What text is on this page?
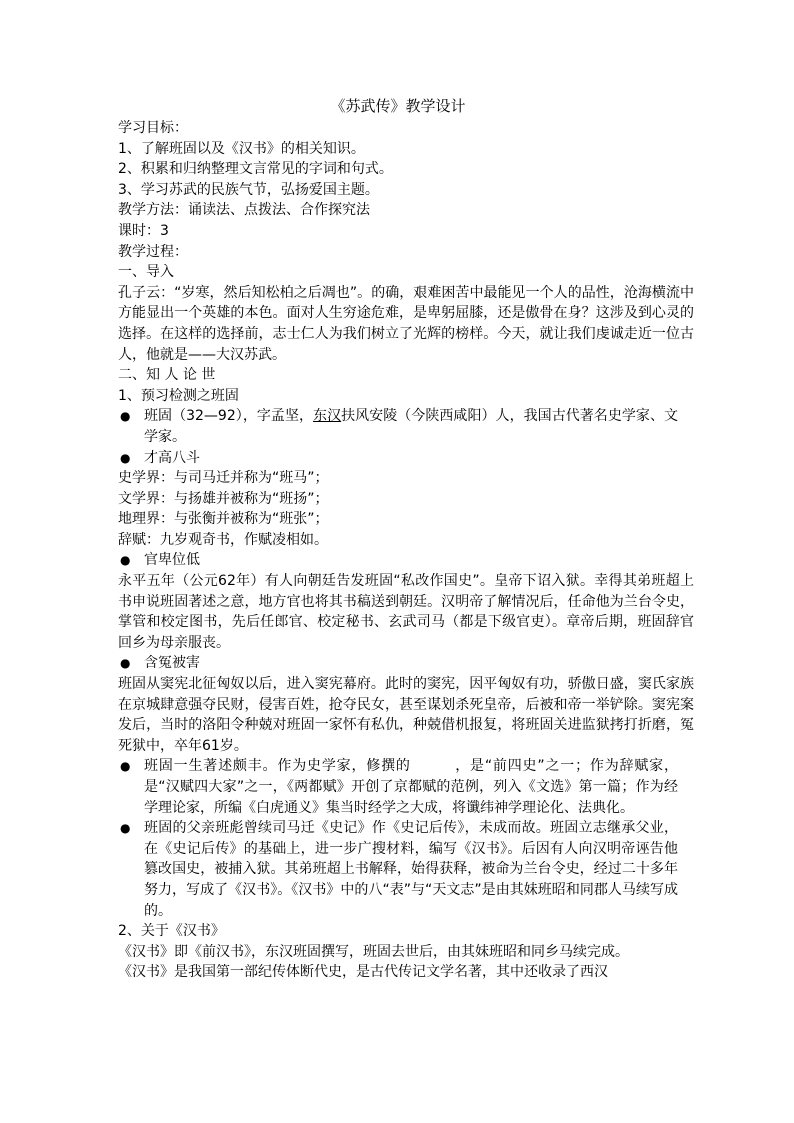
《苏武传》教学设计

学习目标：

1、了解班固以及《汉书》的相关知识。

2、积累和归纳整理文言常见的字词和句式。

3、学习苏武的民族气节，弘扬爱国主题。

教学方法：诵读法、点拨法、合作探究法

课时：3

教学过程：

一、导入

孔子云：“岁寒，然后知松柏之后凋也”。的确，艰难困苦中最能见一个人的品性，沧海横流中方能显出一个英雄的本色。面对人生穷途危难，是卑躬屈膝，还是傲骨在身？这涉及到心灵的选择。在这样的选择前，志士仁人为我们树立了光辉的榜样。今天，就让我们虔诚走近一位古人，他就是——大汉苏武。

二、知 人 论 世

1、预习检测之班固

● 班固（32—92），字孟坚，东汉扶风安陵（今陕西咸阳）人，我国古代著名史学家、文学家。

● 才高八斗

史学界：与司马迁并称为“班马”；

文学界：与扬雄并被称为“班扬”；

地理界：与张衡并被称为“班张”；

辞赋：九岁观奇书，作赋凌相如。

● 官卑位低

永平五年（公元62年）有人向朝廷告发班固“私改作国史”。皇帝下诏入狱。幸得其弟班超上书申说班固著述之意，地方官也将其书稿送到朝廷。汉明帝了解情况后，任命他为兰台令史，掌管和校定图书，先后任郎官、校定秘书、玄武司马（都是下级官吏）。章帝后期，班固辞官回乡为母亲服丧。

● 含冤被害

班固从窦宪北征匈奴以后，进入窦宪幕府。此时的窦宪，因平匈奴有功，骄傲日盛，窦氏家族在京城肆意强夺民财，侵害百姓，抢夺民女，甚至谋划杀死皇帝，后被和帝一举铲除。窦宪案发后，当时的洛阳令种兢对班固一家怀有私仇，种兢借机报复，将班固关进监狱拷打折磨，冤死狱中，卒年61岁。

● 班固一生著述颇丰。作为史学家，修撰的　　　，是“前四史”之一；作为辞赋家，是“汉赋四大家”之一，《两都赋》开创了京都赋的范例，列入《文选》第一篇；作为经学理论家，所编《白虎通义》集当时经学之大成，将谶纬神学理论化、法典化。

● 班固的父亲班彪曾续司马迁《史记》作《史记后传》，未成而故。班固立志继承父业，在《史记后传》的基础上，进一步广搜材料，编写《汉书》。后因有人向汉明帝诬告他篡改国史，被捕入狱。其弟班超上书解释，始得获释，被命为兰台令史，经过二十多年努力，写成了《汉书》。《汉书》中的八“表”与“天文志”是由其妹班昭和同郡人马续写成的。

2、关于《汉书》

《汉书》即《前汉书》，东汉班固撰写，班固去世后，由其妹班昭和同乡马续完成。

《汉书》是我国第一部纪传体断代史，是古代传记文学名著，其中还收录了西汉
